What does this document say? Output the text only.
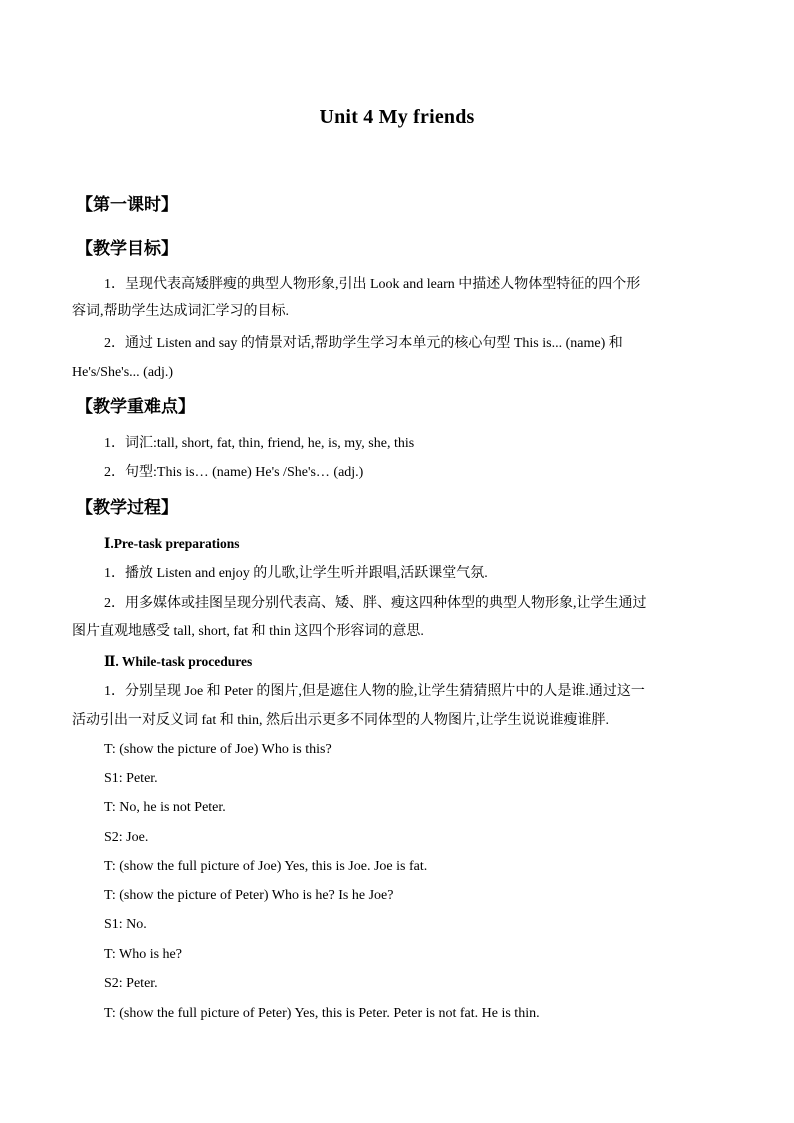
Unit 4 My friends
【第一课时】
【教学目标】
1．呈现代表高矮胖瘦的典型人物形象,引出 Look and learn 中描述人物体型特征的四个形
容词,帮助学生达成词汇学习的目标.
2．通过 Listen and say 的情景对话,帮助学生学习本单元的核心句型 This is... (name) 和
He's/She's... (adj.)
【教学重难点】
1．词汇:tall, short, fat, thin, friend, he, is, my, she, this
2．句型:This is… (name) He's /She's… (adj.)
【教学过程】
Ⅰ.Pre-task preparations
1．播放 Listen and enjoy 的儿歌,让学生听并跟唱,活跃课堂气氛.
2．用多媒体或挂图呈现分别代表高、矮、胖、瘦这四种体型的典型人物形象,让学生通过
图片直观地感受 tall, short, fat 和 thin 这四个形容词的意思.
Ⅱ. While-task procedures
1．分别呈现 Joe 和 Peter 的图片,但是遮住人物的脸,让学生猜猜照片中的人是谁.通过这一
活动引出一对反义词 fat 和 thin, 然后出示更多不同体型的人物图片,让学生说说谁瘦谁胖.
T: (show the picture of Joe) Who is this?
S1: Peter.
T: No, he is not Peter.
S2: Joe.
T: (show the full picture of Joe) Yes, this is Joe. Joe is fat.
T: (show the picture of Peter) Who is he? Is he Joe?
S1: No.
T: Who is he?
S2: Peter.
T: (show the full picture of Peter) Yes, this is Peter. Peter is not fat. He is thin.
